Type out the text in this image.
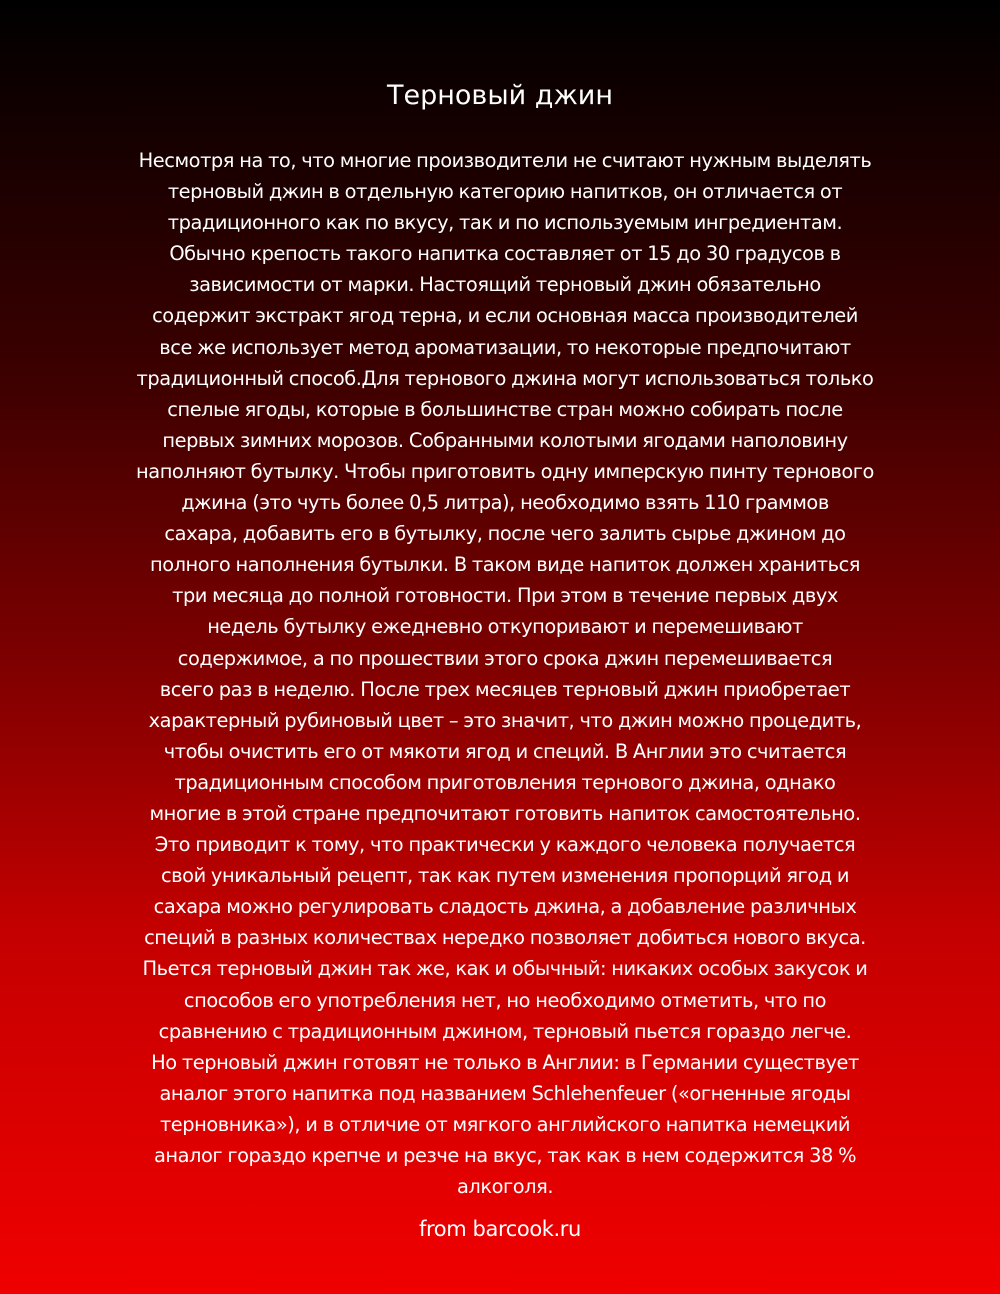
Терновый джин

Несмотря на то, что многие производители не считают нужным выделять
терновый джин в отдельную категорию напитков, он отличается от
традиционного как по вкусу, так и по используемым ингредиентам.
Обычно крепость такого напитка составляет от 15 до 30 градусов в
зависимости от марки. Настоящий терновый джин обязательно
содержит экстракт ягод терна, и если основная масса производителей
все же использует метод ароматизации, то некоторые предпочитают
традиционный способ.Для тернового джина могут использоваться только
спелые ягоды, которые в большинстве стран можно собирать после
первых зимних морозов. Собранными колотыми ягодами наполовину
наполняют бутылку. Чтобы приготовить одну имперскую пинту тернового
джина (это чуть более 0,5 литра), необходимо взять 110 граммов
сахара, добавить его в бутылку, после чего залить сырье джином до
полного наполнения бутылки. В таком виде напиток должен храниться
три месяца до полной готовности. При этом в течение первых двух
недель бутылку ежедневно откупоривают и перемешивают
содержимое, а по прошествии этого срока джин перемешивается
всего раз в неделю. После трех месяцев терновый джин приобретает
характерный рубиновый цвет – это значит, что джин можно процедить,
чтобы очистить его от мякоти ягод и специй. В Англии это считается
традиционным способом приготовления тернового джина, однако
многие в этой стране предпочитают готовить напиток самостоятельно.
Это приводит к тому, что практически у каждого человека получается
свой уникальный рецепт, так как путем изменения пропорций ягод и
сахара можно регулировать сладость джина, а добавление различных
специй в разных количествах нередко позволяет добиться нового вкуса.
Пьется терновый джин так же, как и обычный: никаких особых закусок и
способов его употребления нет, но необходимо отметить, что по
сравнению с традиционным джином, терновый пьется гораздо легче.
Но терновый джин готовят не только в Англии: в Германии существует
аналог этого напитка под названием Schlehenfeuer («огненные ягоды
терновника»), и в отличие от мягкого английского напитка немецкий
аналог гораздо крепче и резче на вкус, так как в нем содержится 38 %
алкоголя.

from barcook.ru
